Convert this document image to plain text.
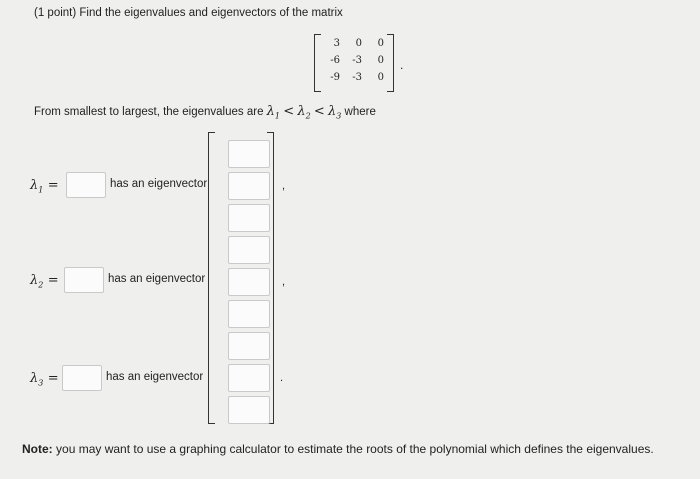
(1 point) Find the eigenvalues and eigenvectors of the matrix
3	0	0
-6	-3	0
-9	-3	0
.
From smallest to largest, the eigenvalues are $\lambda_1 < \lambda_2 < \lambda_3$ where
$\lambda_1$ =	has an eigenvector
$\lambda_2$ =	has an eigenvector
$\lambda_3$ =	has an eigenvector
,
,
.
Note: you may want to use a graphing calculator to estimate the roots of the polynomial which defines the eigenvalues.
